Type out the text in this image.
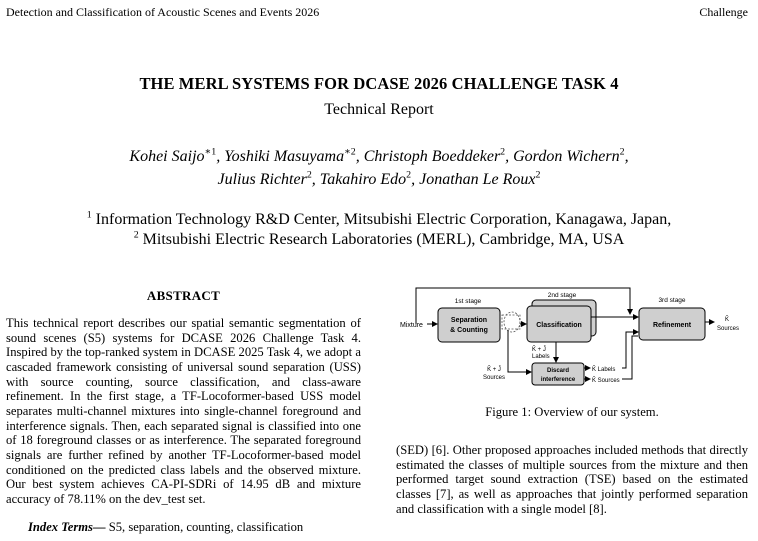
Detection and Classification of Acoustic Scenes and Events 2026	Challenge
THE MERL SYSTEMS FOR DCASE 2026 CHALLENGE TASK 4
Technical Report
Kohei Saijo$^{∗1}$, Yoshiki Masuyama$^{∗2}$, Christoph Boeddeker$^2$, Gordon Wichern$^2$,
Julius Richter$^2$, Takahiro Edo$^2$, Jonathan Le Roux$^2$
$^1$ Information Technology R&D Center, Mitsubishi Electric Corporation, Kanagawa, Japan,
$^2$ Mitsubishi Electric Research Laboratories (MERL), Cambridge, MA, USA
ABSTRACT
This technical report describes our spatial semantic segmentation of sound scenes (S5) systems for DCASE 2026 Challenge Task 4. Inspired by the top-ranked system in DCASE 2025 Task 4, we adopt a cascaded framework consisting of universal sound separation (USS) with source counting, source classification, and class-aware refinement. In the first stage, a TF-Locoformer-based USS model separates multi-channel mixtures into single-channel foreground and interference signals. Then, each separated signal is classified into one of 18 foreground classes or as interference. The separated foreground signals are further refined by another TF-Locoformer-based model conditioned on the predicted class labels and the observed mixture. Our best system achieves CA-PI-SDRi of 14.95 dB and mixture accuracy of 78.11% on the dev_test set.
Index Terms— S5, separation, counting, classification
1st stage
2nd stage
3rd stage
Mixture
Separation
& Counting
Classification
K̂ + Ĵ
Labels
K̂ + Ĵ
Sources
Discard
interference
K̂ Labels
K̂ Sources
Refinement
K̂
Sources
Figure 1: Overview of our system.
(SED) [6]. Other proposed approaches included methods that directly estimated the classes of multiple sources from the mixture and then performed target sound extraction (TSE) based on the estimated classes [7], as well as approaches that jointly performed separation and classification with a single model [8].
